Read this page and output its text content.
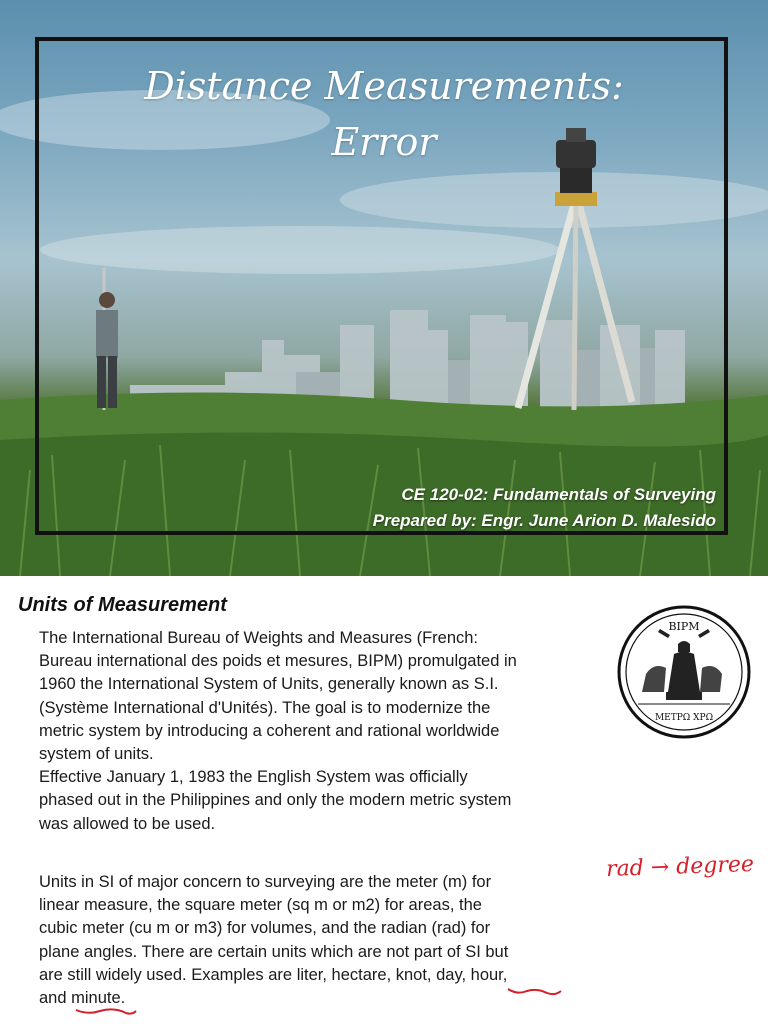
Distance Measurements:
Error
CE 120-02: Fundamentals of Surveying
Prepared by: Engr. June Arion D. Malesido
Units of Measurement

The International Bureau of Weights and Measures (French:

Bureau international des poids et mesures, BIPM) promulgated in

1960 the International System of Units, generally known as S.I.

(Système International d'Unités). The goal is to modernize the

metric system by introducing a coherent and rational worldwide

system of units.

Effective January 1, 1983 the English System was officially

phased out in the Philippines and only the modern metric system

was allowed to be used.

Units in SI of major concern to surveying are the meter (m) for

linear measure, the square meter (sq m or m2) for areas, the

cubic meter (cu m or m3) for volumes, and the radian (rad) for

plane angles. There are certain units which are not part of SI but

are still widely used. Examples are liter, hectare, knot, day, hour,

and minute.

BIPM
ΜΕΤΡΩ ΧΡΩ
rad → degree
